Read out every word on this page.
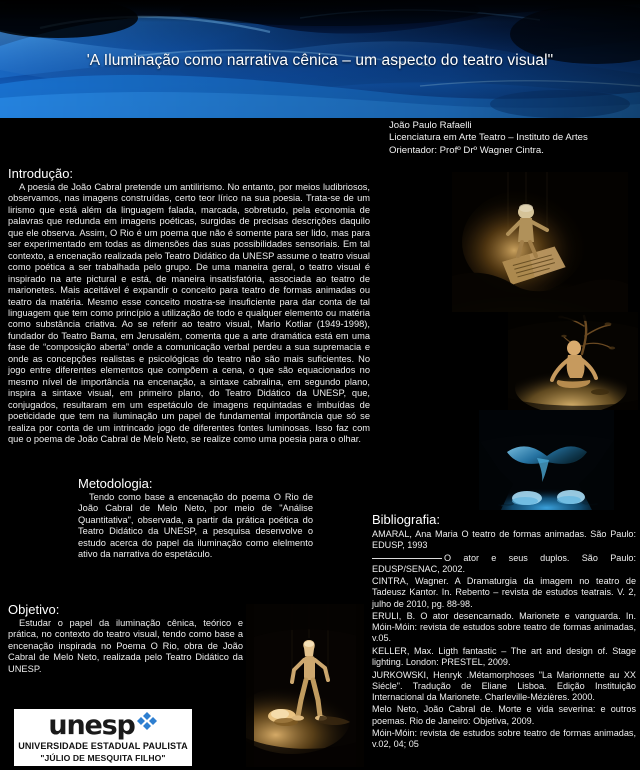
'A Iluminação como narrativa cênica – um aspecto do teatro visual"
João Paulo Rafaelli
Licenciatura em Arte Teatro – Instituto de Artes
Orientador: Profº Drº Wagner Cintra.
Metodologia:

Tendo como base a encenação do poema O Rio de João Cabral de Melo Neto, por meio de "Análise Quantitativa", observada, a partir da prática poética do Teatro Didático da UNESP, a pesquisa desenvolve o estudo acerca do papel da iluminação como elelmento ativo da narrativa do espetáculo.

Introdução:

A poesia de João Cabral pretende um antilirismo. No entanto, por meios ludibriosos, observamos, nas imagens construídas, certo teor lírico na sua poesia. Trata-se de um lirismo que está além da linguagem falada, marcada, sobretudo, pela economia de palavras que redunda em imagens poéticas, surgidas de precisas descrições daquilo que ele observa. Assim, O Rio é um poema que não é somente para ser lido, mas para ser experimentado em todas as dimensões das suas possibilidades sensoriais. Em tal contexto, a encenação realizada pelo Teatro Didático da UNESP assume o teatro visual como poética a ser trabalhada pelo grupo. De uma maneira geral, o teatro visual é inspirado na arte pictural e está, de maneira insatisfatória, associada ao teatro de marionetes. Mais aceitável é expandir o conceito para teatro de formas animadas ou teatro da matéria. Mesmo esse conceito mostra-se insuficiente para dar conta de tal linguagem que tem como princípio a utilização de todo e qualquer elemento ou matéria como substância criativa. Ao se referir ao teatro visual, Mario Kotliar (1949-1998), fundador do Teatro Bama, em Jerusalém, comenta que a arte dramática está em uma fase de “composição aberta” onde a comunicação verbal perdeu a sua supremacia e onde as concepções realistas e psicológicas do teatro não são mais suficientes. No jogo entre diferentes elementos que compõem a cena, o que são equacionados no mesmo nível de importância na encenação, a sintaxe cabralina, em segundo plano, inspira a sintaxe visual, em primeiro plano, do Teatro Didático da UNESP, que, conjugados, resultaram em um espetáculo de imagens requintadas e imbuídas de poeticidade que tem na iluminação um papel de fundamental importância que só se realiza por conta de um intrincado jogo de diferentes fontes luminosas. Isso faz com que o poema de João Cabral de Melo Neto, se realize como uma poesia para o olhar.

Objetivo:

Estudar o papel da iluminação cênica, teórico e prática, no contexto do teatro visual, tendo como base a encenação inspirada no Poema O Rio, obra de João Cabral de Melo Neto, realizada pelo Teatro Didático da UNESP.

Bibliografia:

AMARAL, Ana Maria O teatro de formas animadas. São Paulo: EDUSP, 1993

O ator e seus duplos. São Paulo: EDUSP/SENAC, 2002.

CINTRA, Wagner. A Dramaturgia da imagem no teatro de Tadeusz Kantor. In. Rebento – revista de estudos teatrais. V. 2, julho de 2010, pg. 88-98.

ERULI, B. O ator desencarnado. Marionete e vanguarda. In. Móin-Móin: revista de estudos sobre teatro de formas animadas, v.05.

KELLER, Max. Ligth fantastic – The art and design of. Stage lighting. London: PRESTEL, 2009.

JURKOWSKI, Henryk .Métamorphoses "La Marionnette au XX Siécle". Tradução de Eliane Lisboa. Edição Instituição Internacional da Marionete. Charleville-Mézières. 2000.

Melo Neto, João Cabral de. Morte e vida severina: e outros poemas. Rio de Janeiro: Objetiva, 2009.

Móin-Móin: revista de estudos sobre teatro de formas animadas, v.02, 04; 05

unesp
UNIVERSIDADE ESTADUAL PAULISTA
"JÚLIO DE MESQUITA FILHO"
